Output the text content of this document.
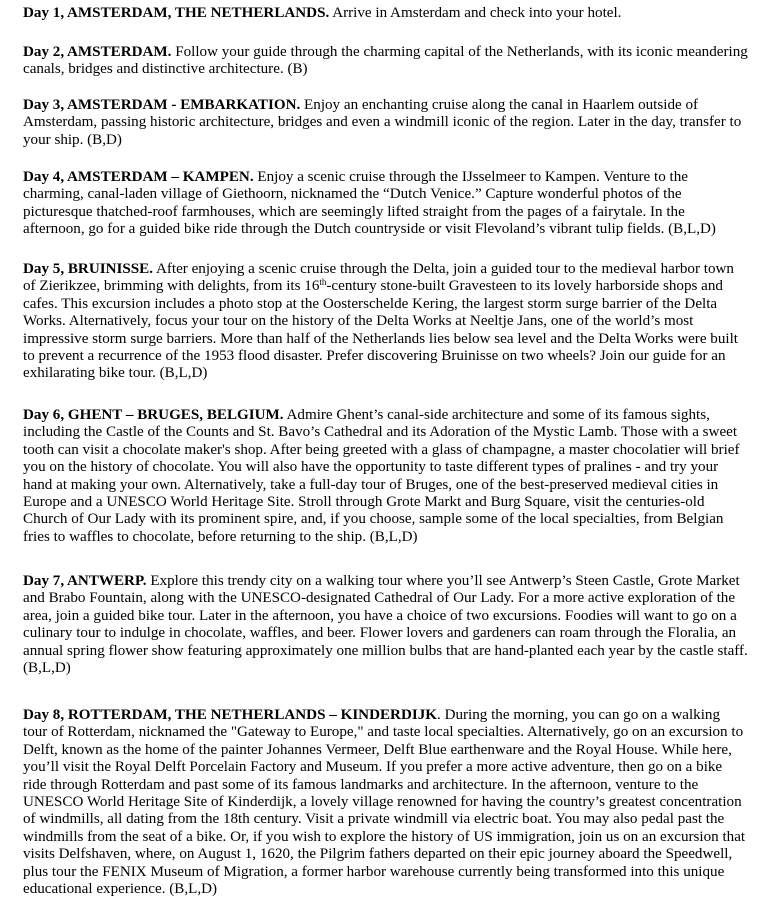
Day 1, AMSTERDAM, THE NETHERLANDS. Arrive in Amsterdam and check into your hotel.

Day 2, AMSTERDAM. Follow your guide through the charming capital of the Netherlands, with its iconic meandering canals, bridges and distinctive architecture. (B)

Day 3, AMSTERDAM - EMBARKATION. Enjoy an enchanting cruise along the canal in Haarlem outside of Amsterdam, passing historic architecture, bridges and even a windmill iconic of the region. Later in the day, transfer to your ship. (B,D)

Day 4, AMSTERDAM – KAMPEN. Enjoy a scenic cruise through the IJsselmeer to Kampen. Venture to the charming, canal-laden village of Giethoorn, nicknamed the “Dutch Venice.” Capture wonderful photos of the picturesque thatched-roof farmhouses, which are seemingly lifted straight from the pages of a fairytale. In the afternoon, go for a guided bike ride through the Dutch countryside or visit Flevoland’s vibrant tulip fields. (B,L,D)

Day 5, BRUINISSE. After enjoying a scenic cruise through the Delta, join a guided tour to the medieval harbor town of Zierikzee, brimming with delights, from its 16th-century stone-built Gravesteen to its lovely harborside shops and cafes. This excursion includes a photo stop at the Oosterschelde Kering, the largest storm surge barrier of the Delta Works. Alternatively, focus your tour on the history of the Delta Works at Neeltje Jans, one of the world’s most impressive storm surge barriers. More than half of the Netherlands lies below sea level and the Delta Works were built to prevent a recurrence of the 1953 flood disaster. Prefer discovering Bruinisse on two wheels? Join our guide for an exhilarating bike tour. (B,L,D)

Day 6, GHENT – BRUGES, BELGIUM. Admire Ghent’s canal-side architecture and some of its famous sights, including the Castle of the Counts and St. Bavo’s Cathedral and its Adoration of the Mystic Lamb. Those with a sweet tooth can visit a chocolate maker's shop. After being greeted with a glass of champagne, a master chocolatier will brief you on the history of chocolate. You will also have the opportunity to taste different types of pralines - and try your hand at making your own. Alternatively, take a full-day tour of Bruges, one of the best-preserved medieval cities in Europe and a UNESCO World Heritage Site. Stroll through Grote Markt and Burg Square, visit the centuries-old Church of Our Lady with its prominent spire, and, if you choose, sample some of the local specialties, from Belgian fries to waffles to chocolate, before returning to the ship. (B,L,D)

Day 7, ANTWERP. Explore this trendy city on a walking tour where you’ll see Antwerp’s Steen Castle, Grote Market and Brabo Fountain, along with the UNESCO-designated Cathedral of Our Lady. For a more active exploration of the area, join a guided bike tour. Later in the afternoon, you have a choice of two excursions. Foodies will want to go on a culinary tour to indulge in chocolate, waffles, and beer. Flower lovers and gardeners can roam through the Floralia, an annual spring flower show featuring approximately one million bulbs that are hand-planted each year by the castle staff. (B,L,D)

Day 8, ROTTERDAM, THE NETHERLANDS – KINDERDIJK. During the morning, you can go on a walking tour of Rotterdam, nicknamed the "Gateway to Europe," and taste local specialties. Alternatively, go on an excursion to Delft, known as the home of the painter Johannes Vermeer, Delft Blue earthenware and the Royal House. While here, you’ll visit the Royal Delft Porcelain Factory and Museum. If you prefer a more active adventure, then go on a bike ride through Rotterdam and past some of its famous landmarks and architecture. In the afternoon, venture to the UNESCO World Heritage Site of Kinderdijk, a lovely village renowned for having the country’s greatest concentration of windmills, all dating from the 18th century. Visit a private windmill via electric boat. You may also pedal past the windmills from the seat of a bike. Or, if you wish to explore the history of US immigration, join us on an excursion that visits Delfshaven, where, on August 1, 1620, the Pilgrim fathers departed on their epic journey aboard the Speedwell, plus tour the FENIX Museum of Migration, a former harbor warehouse currently being transformed into this unique educational experience. (B,L,D)
